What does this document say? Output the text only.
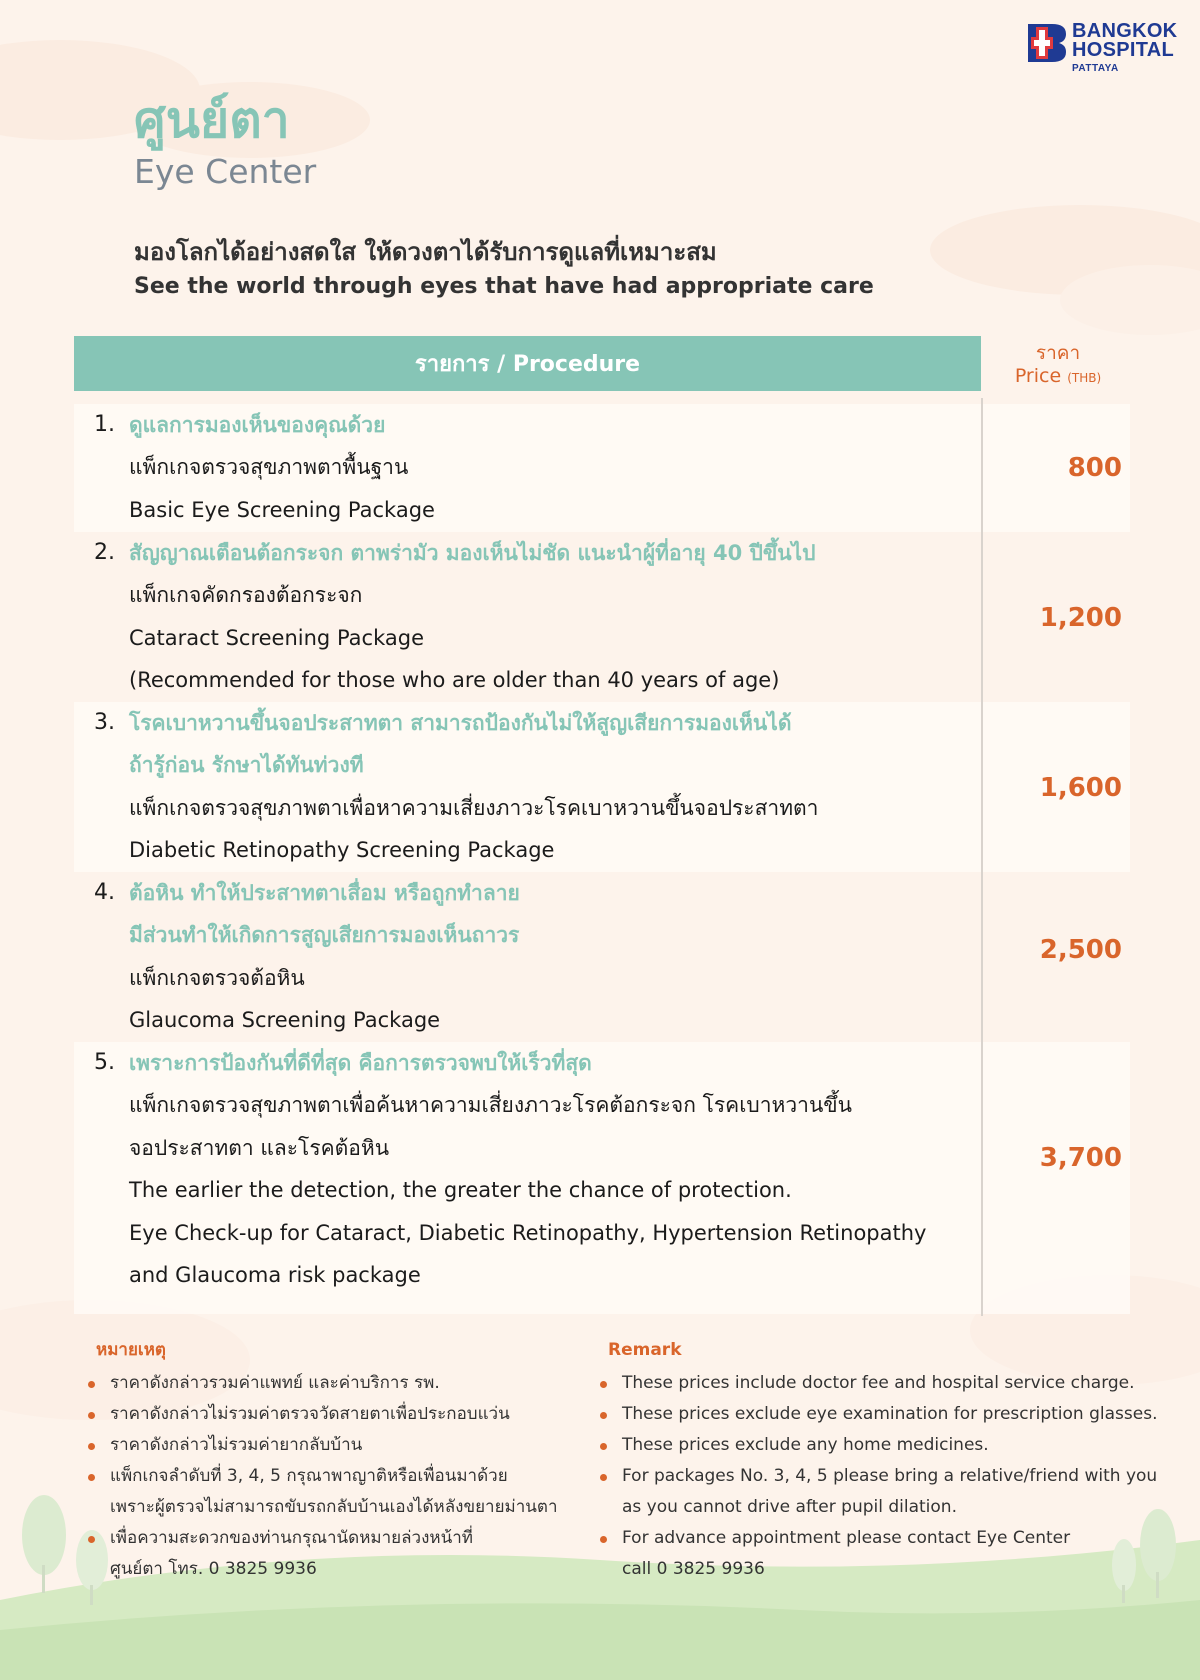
BANGKOK
HOSPITAL
PATTAYA
ศูนย์ตา
Eye Center
มองโลกได้อย่างสดใส ให้ดวงตาได้รับการดูแลที่เหมาะสม
See the world through eyes that have had appropriate care
รายการ / Procedure	ราคา
Price (THB)
1. ดูแลการมองเห็นของคุณด้วย
แพ็กเกจตรวจสุขภาพตาพื้นฐาน
Basic Eye Screening Package
800
2. สัญญาณเตือนต้อกระจก ตาพร่ามัว มองเห็นไม่ชัด แนะนำผู้ที่อายุ 40 ปีขึ้นไป
แพ็กเกจคัดกรองต้อกระจก
Cataract Screening Package
(Recommended for those who are older than 40 years of age)
1,200
3. โรคเบาหวานขึ้นจอประสาทตา สามารถป้องกันไม่ให้สูญเสียการมองเห็นได้
ถ้ารู้ก่อน รักษาได้ทันท่วงที
แพ็กเกจตรวจสุขภาพตาเพื่อหาความเสี่ยงภาวะโรคเบาหวานขึ้นจอประสาทตา
Diabetic Retinopathy Screening Package
1,600
4. ต้อหิน ทำให้ประสาทตาเสื่อม หรือถูกทำลาย
มีส่วนทำให้เกิดการสูญเสียการมองเห็นถาวร
แพ็กเกจตรวจต้อหิน
Glaucoma Screening Package
2,500
5. เพราะการป้องกันที่ดีที่สุด คือการตรวจพบให้เร็วที่สุด
แพ็กเกจตรวจสุขภาพตาเพื่อค้นหาความเสี่ยงภาวะโรคต้อกระจก โรคเบาหวานขึ้น
จอประสาทตา และโรคต้อหิน
The earlier the detection, the greater the chance of protection.
Eye Check-up for Cataract, Diabetic Retinopathy, Hypertension Retinopathy
and Glaucoma risk package
3,700
หมายเหตุ
ราคาดังกล่าวรวมค่าแพทย์ และค่าบริการ รพ.
ราคาดังกล่าวไม่รวมค่าตรวจวัดสายตาเพื่อประกอบแว่น
ราคาดังกล่าวไม่รวมค่ายากลับบ้าน
แพ็กเกจลำดับที่ 3, 4, 5 กรุณาพาญาติหรือเพื่อนมาด้วย
เพราะผู้ตรวจไม่สามารถขับรถกลับบ้านเองได้หลังขยายม่านตา
เพื่อความสะดวกของท่านกรุณานัดหมายล่วงหน้าที่
ศูนย์ตา โทร. 0 3825 9936
Remark
These prices include doctor fee and hospital service charge.
These prices exclude eye examination for prescription glasses.
These prices exclude any home medicines.
For packages No. 3, 4, 5 please bring a relative/friend with you
as you cannot drive after pupil dilation.
For advance appointment please contact Eye Center
call 0 3825 9936
